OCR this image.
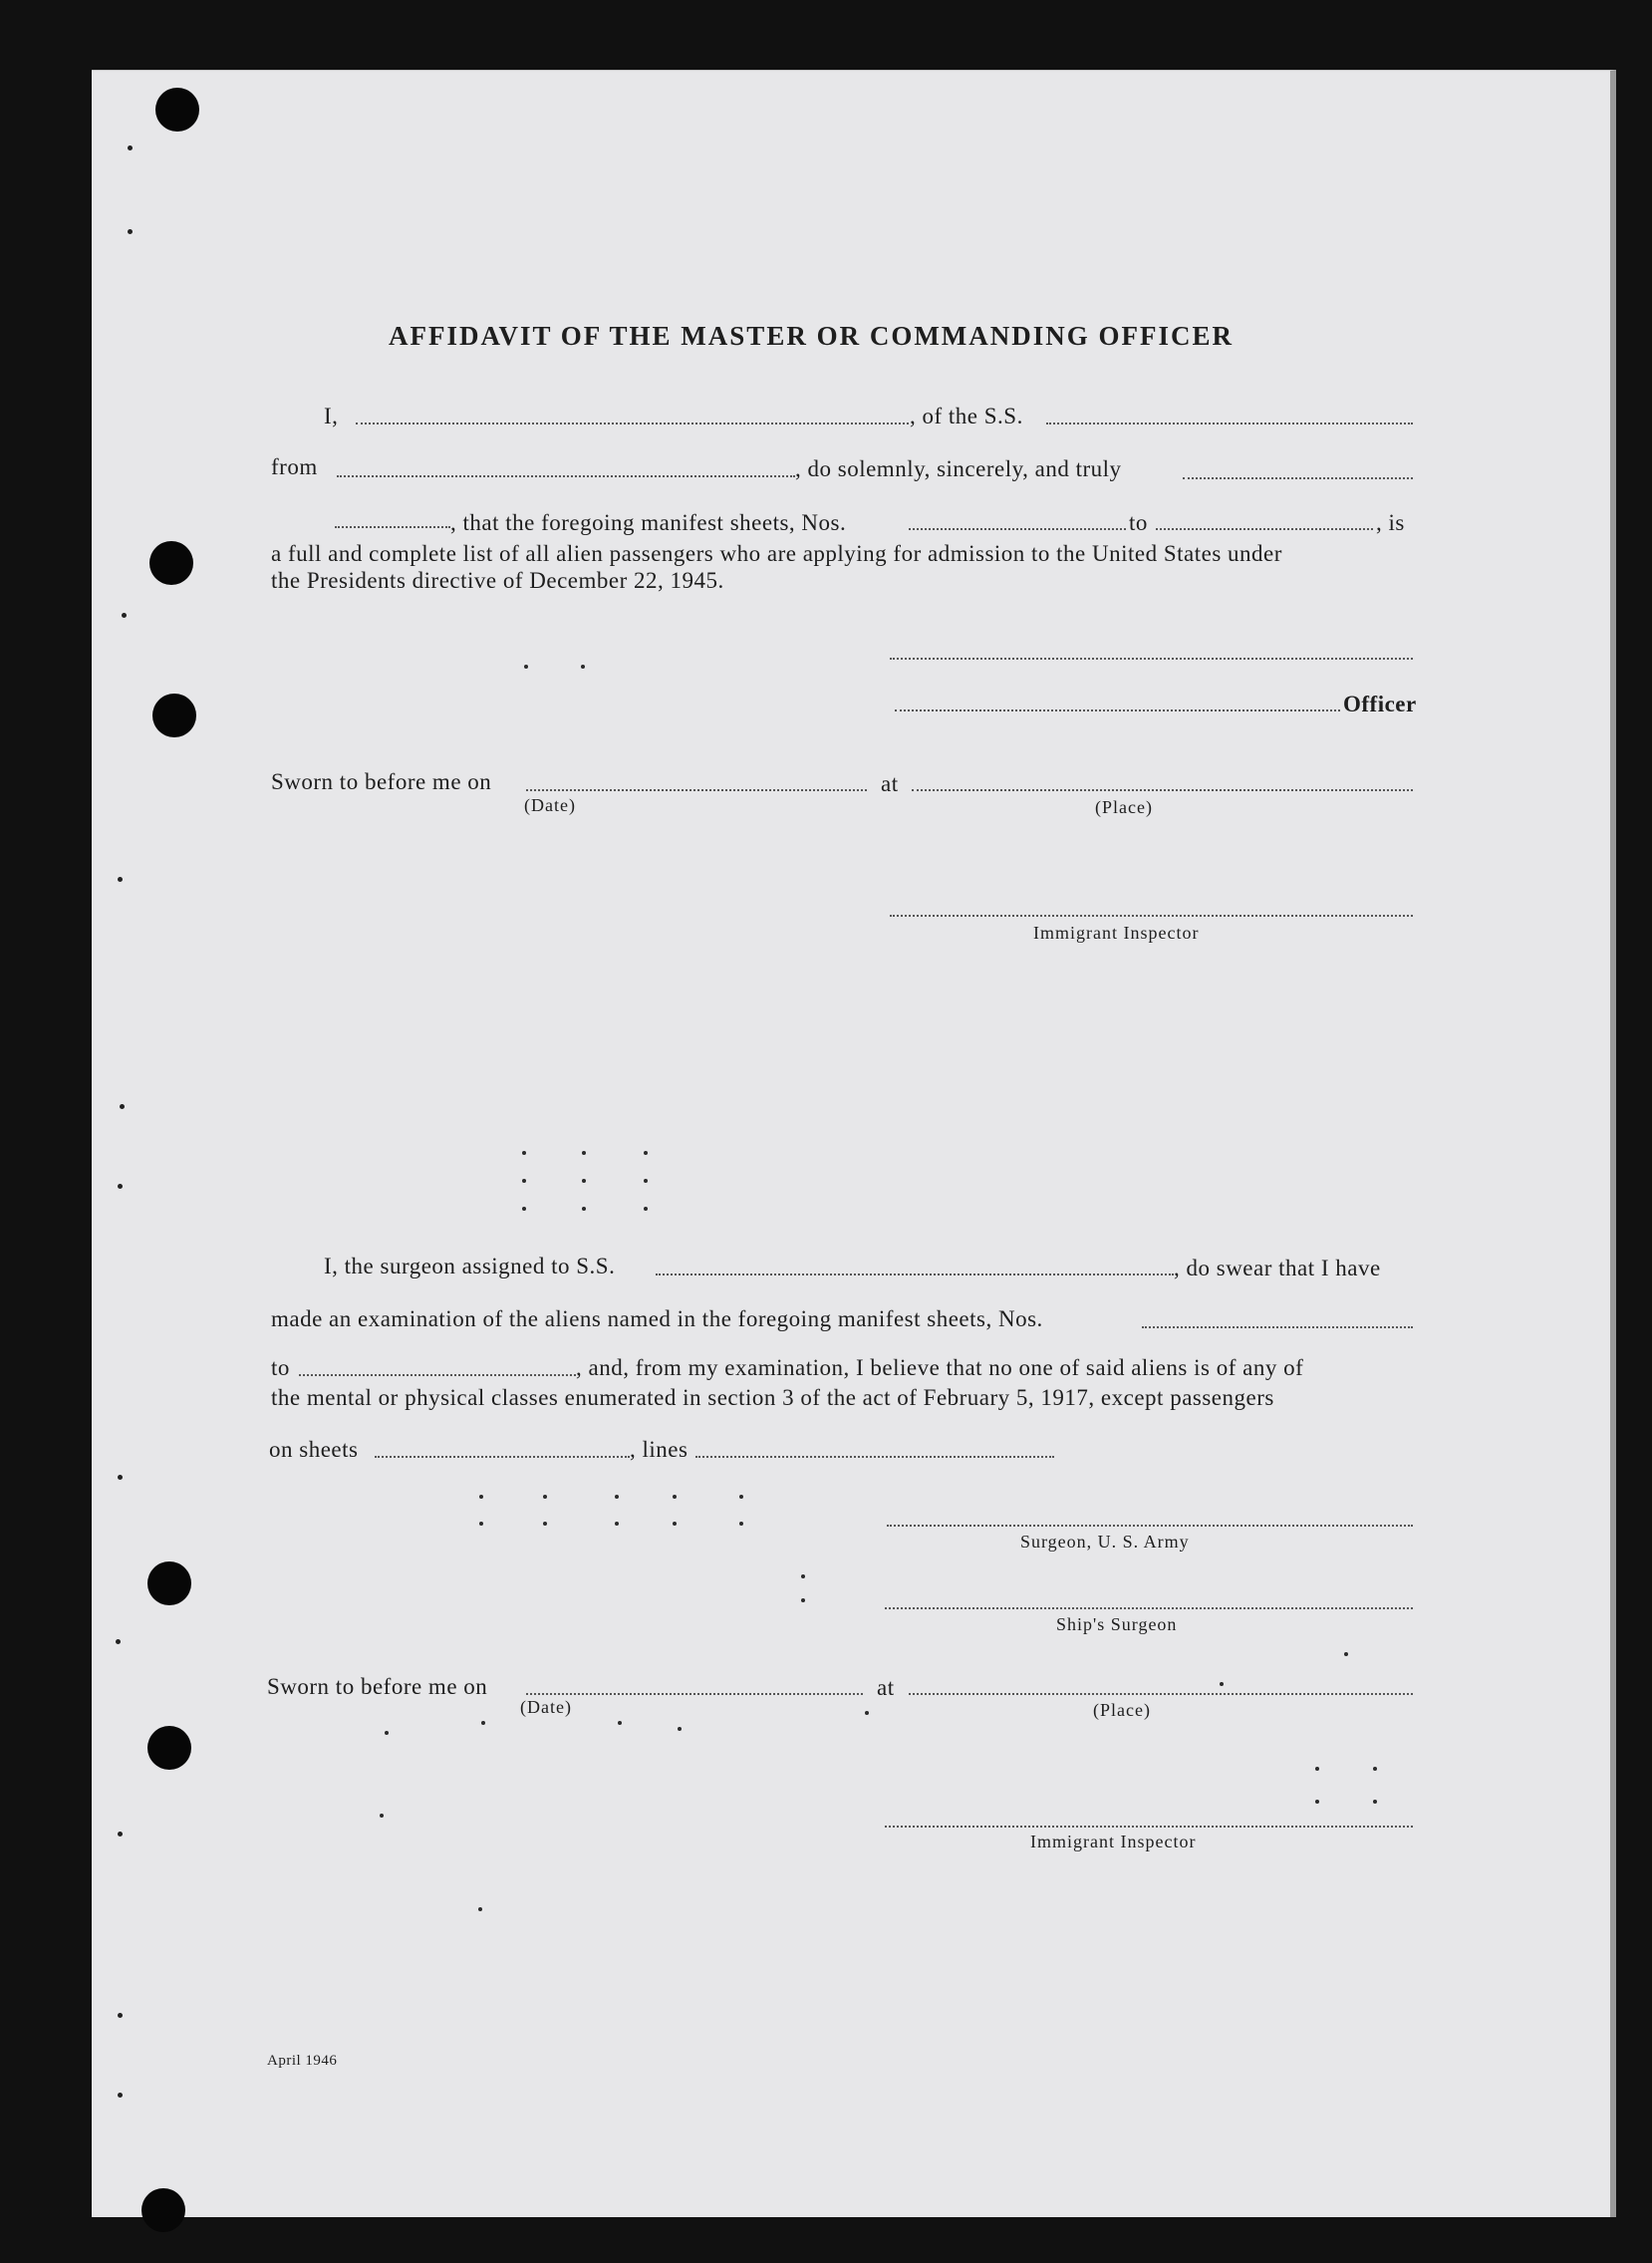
AFFIDAVIT OF THE MASTER OR COMMANDING OFFICER
I,	, of the S.S.
from	, do solemnly, sincerely, and truly
, that the foregoing manifest sheets, Nos.	to	, is
a full and complete list of all alien passengers who are applying for admission to the United States under
the Presidents directive of December 22, 1945.
Officer
Sworn to before me on	at
(Date)	(Place)
Immigrant Inspector
I, the surgeon assigned to S.S.	, do swear that I have
made an examination of the aliens named in the foregoing manifest sheets, Nos.
to	, and, from my examination, I believe that no one of said aliens is of any of
the mental or physical classes enumerated in section 3 of the act of February 5, 1917, except passengers
on sheets	, lines
Surgeon, U. S. Army
Ship's Surgeon
Sworn to before me on	at
(Date)	(Place)
Immigrant Inspector
April 1946
